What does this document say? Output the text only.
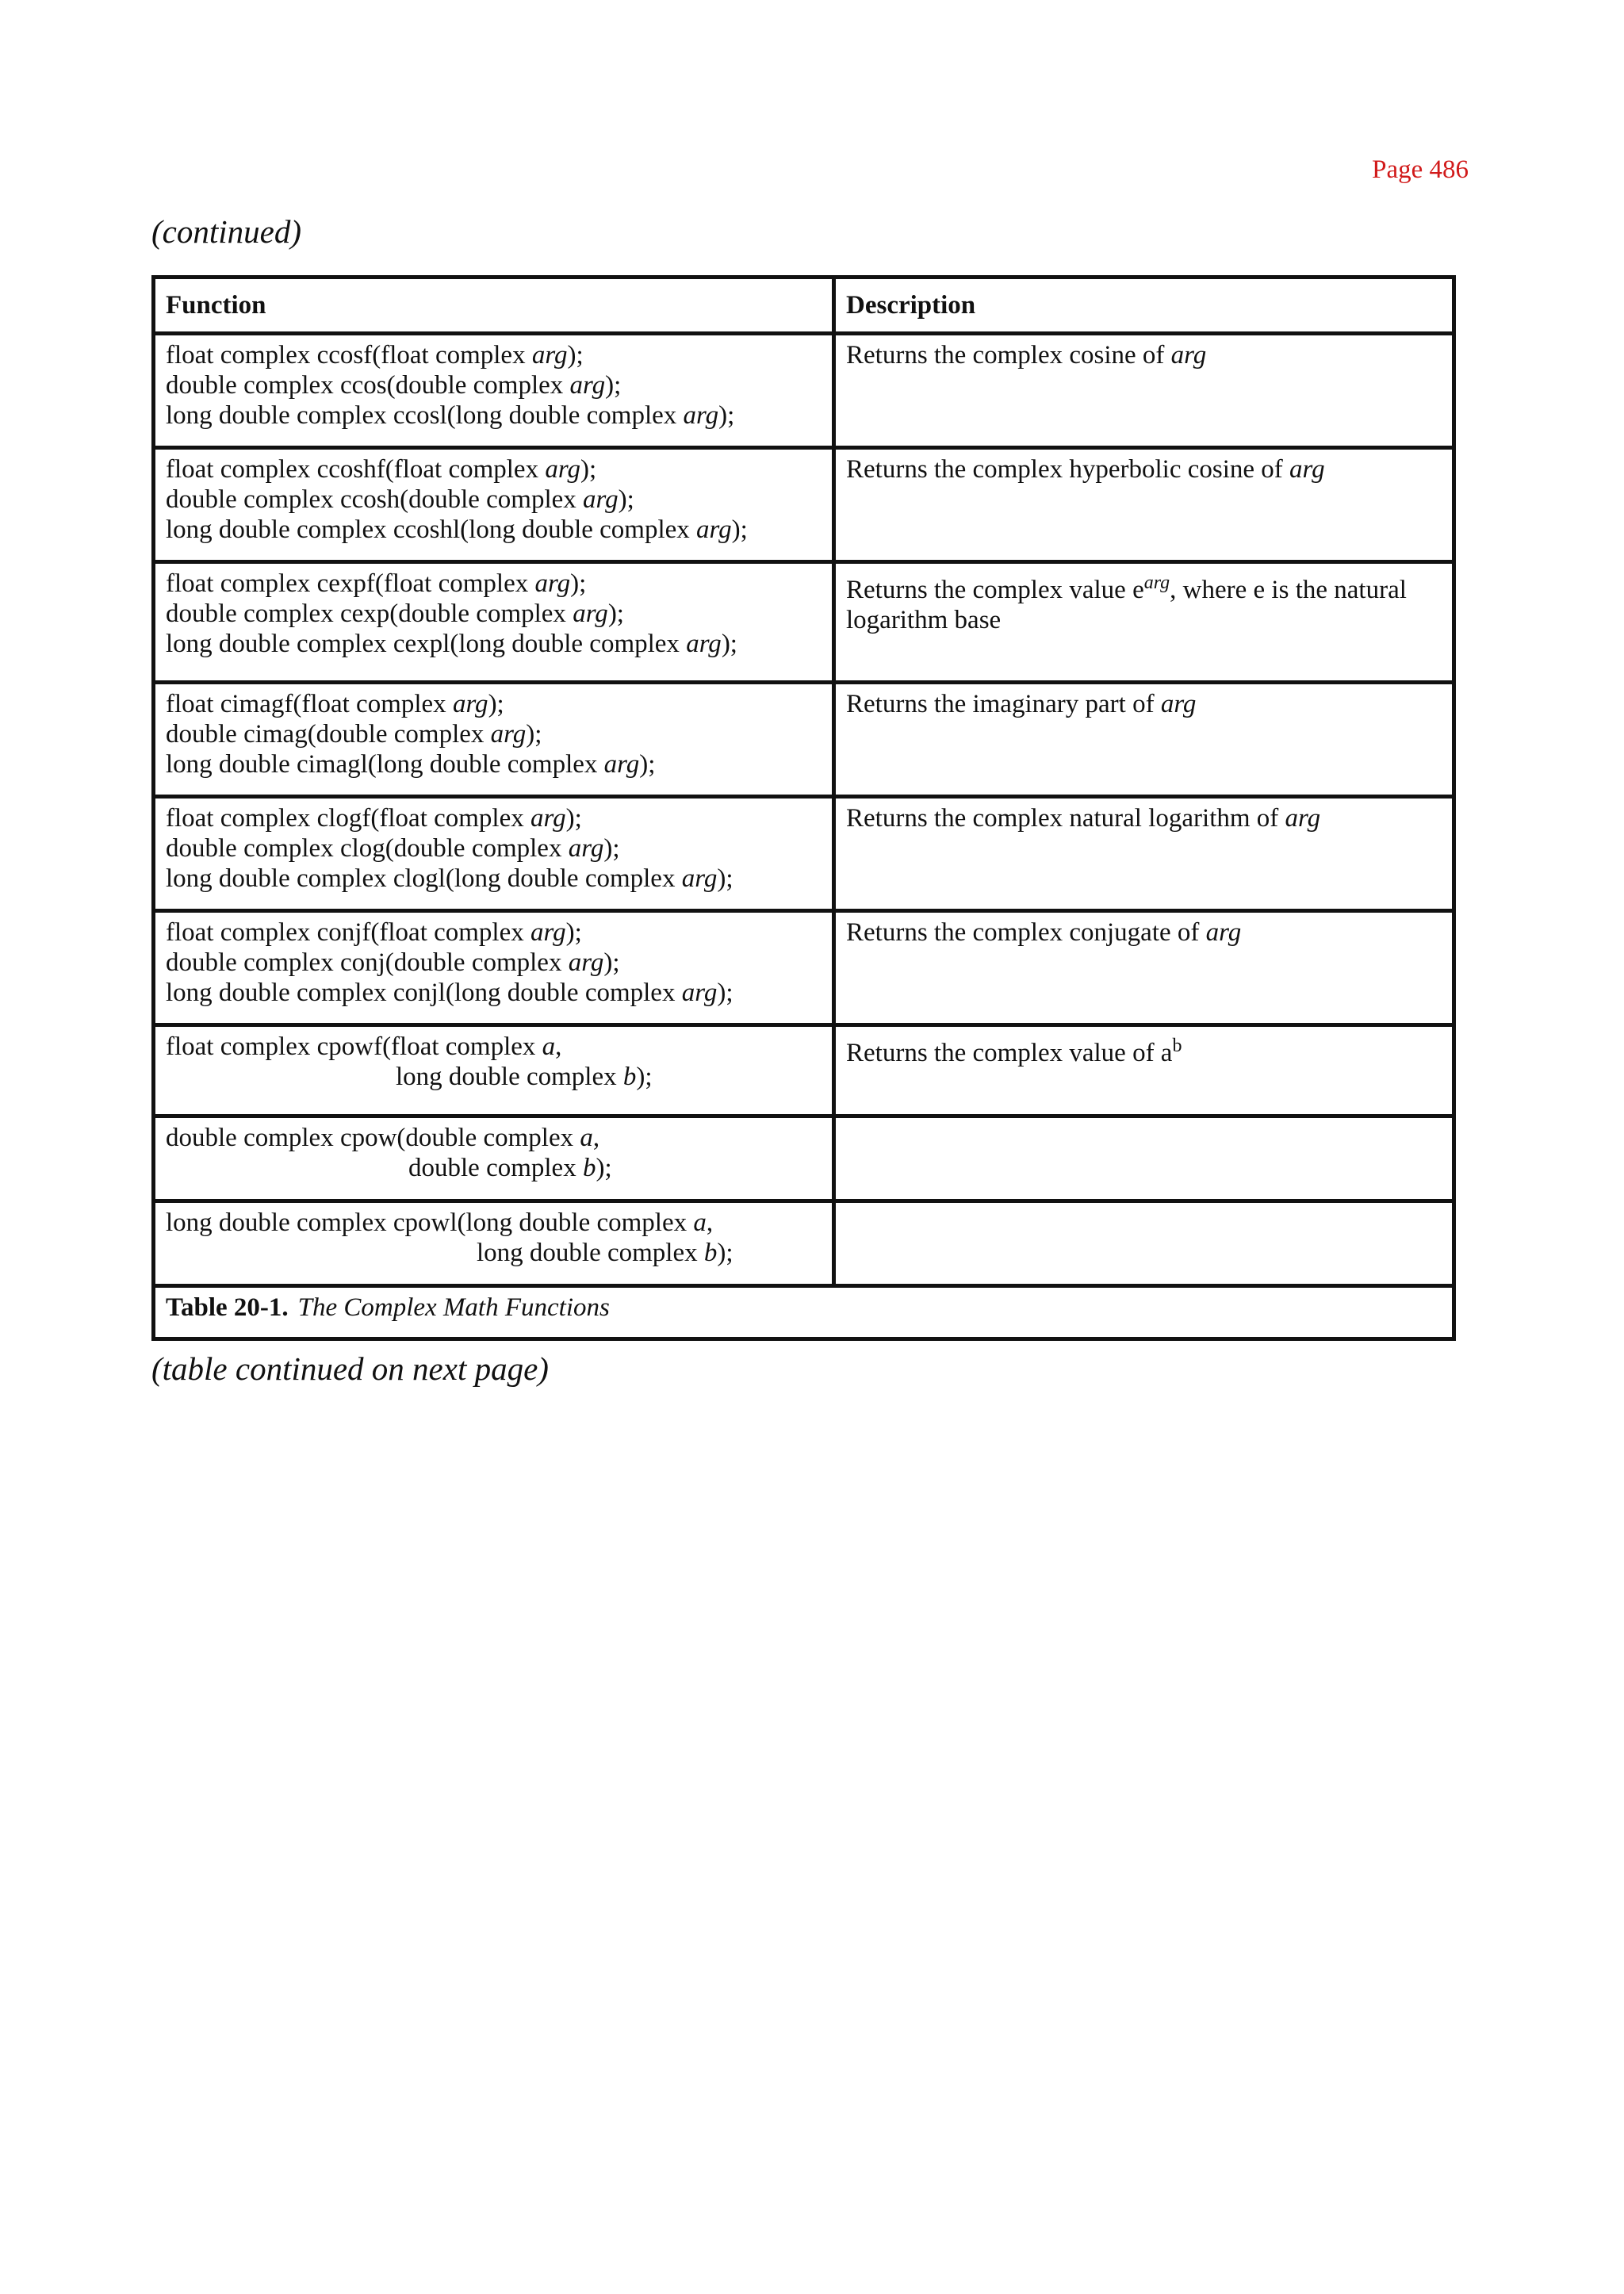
Page 486
(continued)
Function	Description

float complex ccosf(float complex arg);
double complex ccos(double complex arg);
long double complex ccosl(long double complex arg);	Returns the complex cosine of arg

float complex ccoshf(float complex arg);
double complex ccosh(double complex arg);
long double complex ccoshl(long double complex arg);	Returns the complex hyperbolic cosine of arg

float complex cexpf(float complex arg);
double complex cexp(double complex arg);
long double complex cexpl(long double complex arg);	Returns the complex value $e^{arg}$, where e is the natural logarithm base

float cimagf(float complex arg);
double cimag(double complex arg);
long double cimagl(long double complex arg);	Returns the imaginary part of arg

float complex clogf(float complex arg);
double complex clog(double complex arg);
long double complex clogl(long double complex arg);	Returns the complex natural logarithm of arg

float complex conjf(float complex arg);
double complex conj(double complex arg);
long double complex conjl(long double complex arg);	Returns the complex conjugate of arg

float complex cpowf(float complex a,
long double complex b);	Returns the complex value of $a^b$

double complex cpow(double complex a,
double complex b);	

long double complex cpowl(long double complex a,
long double complex b);	

Table 20-1. The Complex Math Functions	
(table continued on next page)
